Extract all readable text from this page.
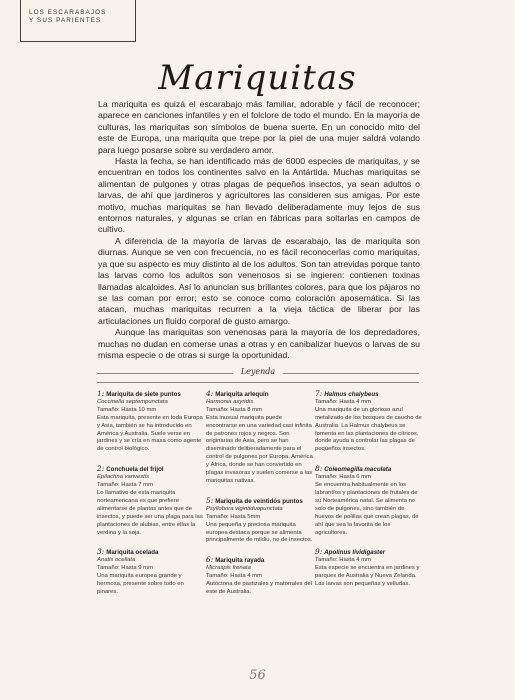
LOS ESCARABAJOS
Y SUS PARIENTES
Mariquitas

La mariquita es quizá el escarabajo más familiar, adorable y fácil de reconocer; aparece en canciones infantiles y en el folclore de todo el mundo. En la mayoría de culturas, las mariquitas son símbolos de buena suerte. En un conocido mito del este de Europa, una mariquita que trepe por la piel de una mujer saldrá volando para luego posarse sobre su verdadero amor.

Hasta la fecha, se han identificado más de 6000 especies de mariquitas, y se encuentran en todos los continentes salvo en la Antártida. Muchas mariquitas se alimentan de pulgones y otras plagas de pequeños insectos, ya sean adultos o larvas, de ahí que jardineros y agricultores las consideren sus amigas. Por este motivo, muchas mariquitas se han llevado deliberadamente muy lejos de sus entornos naturales, y algunas se crían en fábricas para soltarlas en campos de cultivo.

A diferencia de la mayoría de larvas de escarabajo, las de mariquita son diurnas. Aunque se ven con frecuencia, no es fácil reconocerlas como mariquitas, ya que su aspecto es muy distinto al de los adultos. Son tan atrevidas porque tanto las larvas como los adultos son venenosos si se ingieren: contienen toxinas llamadas alcaloides. Así lo anuncian sus brillantes colores, para que los pájaros no se las coman por error; esto se conoce como coloración aposemática. Si las atacan, muchas mariquitas recurren a la vieja táctica de liberar por las articulaciones un fluido corporal de gusto amargo.

Aunque las mariquitas son venenosas para la mayoría de los depredadores, muchas no dudan en comerse unas a otras y en canibalizar huevos o larvas de su misma especie o de otras si surge la oportunidad.

Leyenda
1: Mariquita de siete puntos
Coccinella septempunctata
Tamaño: Hasta 10 mm
Esta mariquita, presente en toda Europa y Asia, también se ha introducido en América y Australia. Suele verse en jardines y se cría en masa como agente de control biológico.
2: Conchuela del frijol
Epilachna varivestis
Tamaño: Hasta 7 mm
Lo llamativo de esta mariquita norteamericana es que prefiere alimentarse de plantas antes que de insectos, y puede ser una plaga para las plantaciones de alubias, entre ellas la verdina y la soja.
3: Mariquita ocelada
Anatis ocellata
Tamaño: Hasta 9 mm
Una mariquita europea grande y hermosa, presente sobre todo en pinares.
4: Mariquita arlequín
Harmonia axyridis
Tamaño: Hasta 8 mm
Esta inusual mariquita puede encontrarse en una variedad casi infinita de patrones rojos y negros. Son originarias de Asia, pero se han diseminado deliberadamente para el control de pulgones por Europa, América y África, donde se han convertido en plagas invasoras y suelen comerse a las mariquitas nativas.
5: Mariquita de veintidós puntos
Psyllobora vigintiduopunctata
Tamaño: Hasta 5mm
Una pequeña y preciosa mariquita europea destaca porque se alimenta principalmente de mildiu, no de insectos.
6: Mariquita rayada
Micraspis frenata
Tamaño: Hasta 4 mm
Autóctona de pastizales y matorrales del este de Australia.
7: Halmus chalybeus
Tamaño: Hasta 4 mm
Una mariquita de un glorioso azul metalizado de los bosques de caucho de Australia. La Halmus chalybeus se fomenta en las plantaciones de cítricos, donde ayuda a controlar las plagas de pequeños insectos.
8: Coleomegilla maculata
Tamaño: Hasta 6 mm
Se encuentra habitualmente en los labrantíos y plantaciones de frutales de su Norteamérica natal. Se alimenta no solo de pulgones, sino también de huevos de polillas que crean plagas, de ahí que sea la favorita de los agricultores.
9: Apolinus lividigaster
Tamaño: Hasta 4 mm
Esta especie se encuentra en jardines y parques de Australia y Nueva Zelanda. Las larvas son pequeñas y velludas.
56
